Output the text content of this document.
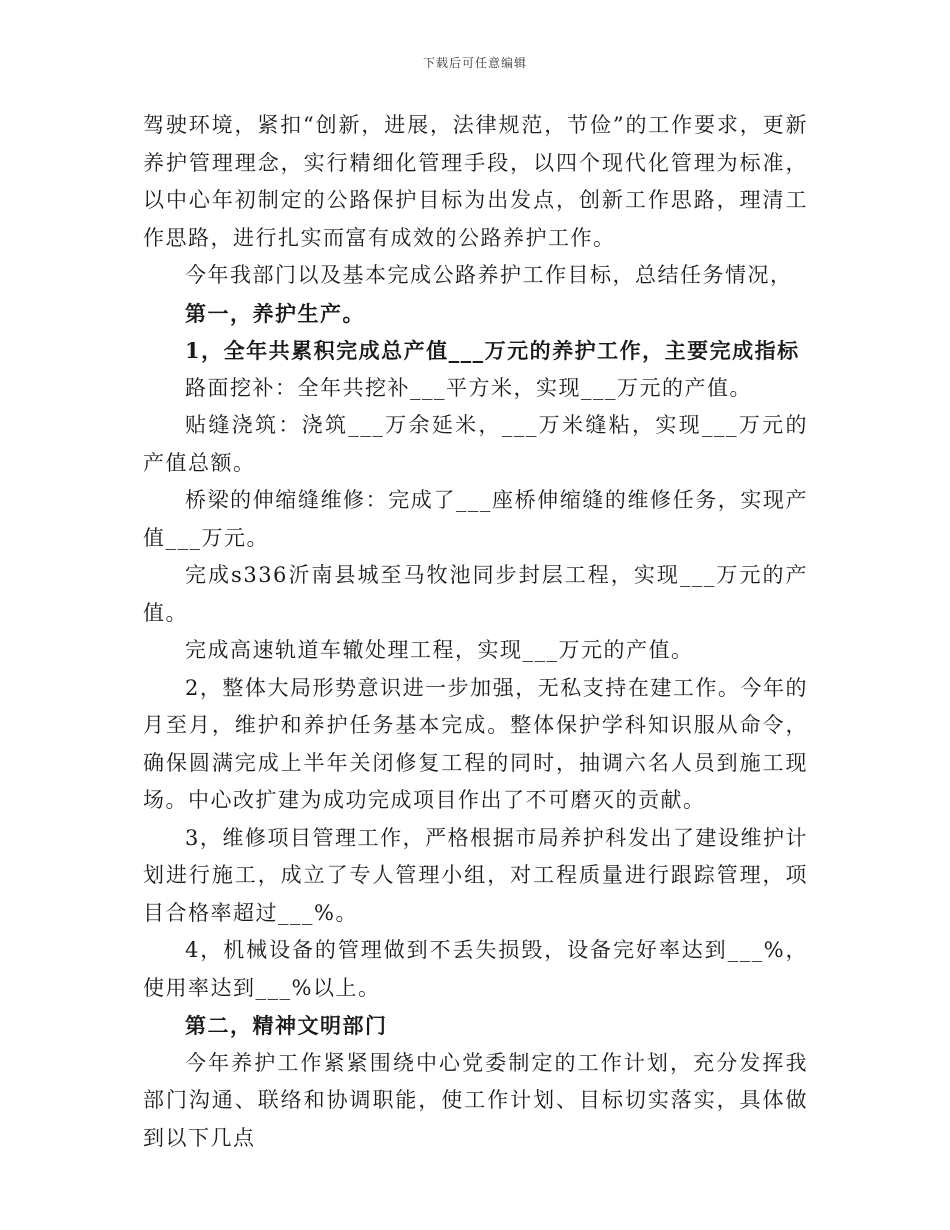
下载后可任意编辑

驾驶环境，紧扣“创新，进展，法律规范，节俭”的工作要求，更新养护管理理念，实行精细化管理手段，以四个现代化管理为标准，以中心年初制定的公路保护目标为出发点，创新工作思路，理清工作思路，进行扎实而富有成效的公路养护工作。

今年我部门以及基本完成公路养护工作目标，总结任务情况，

第一，养护生产。

1，全年共累积完成总产值___万元的养护工作，主要完成指标

路面挖补：全年共挖补___平方米，实现___万元的产值。

贴缝浇筑：浇筑___万余延米，___万米缝粘，实现___万元的产值总额。

桥梁的伸缩缝维修：完成了___座桥伸缩缝的维修任务，实现产值___万元。

完成s336沂南县城至马牧池同步封层工程，实现___万元的产值。

完成高速轨道车辙处理工程，实现___万元的产值。

2，整体大局形势意识进一步加强，无私支持在建工作。今年的月至月，维护和养护任务基本完成。整体保护学科知识服从命令，确保圆满完成上半年关闭修复工程的同时，抽调六名人员到施工现场。中心改扩建为成功完成项目作出了不可磨灭的贡献。

3，维修项目管理工作，严格根据市局养护科发出了建设维护计划进行施工，成立了专人管理小组，对工程质量进行跟踪管理，项目合格率超过___%。

4，机械设备的管理做到不丢失损毁，设备完好率达到___%，使用率达到___%以上。

第二，精神文明部门

今年养护工作紧紧围绕中心党委制定的工作计划，充分发挥我部门沟通、联络和协调职能，使工作计划、目标切实落实，具体做到以下几点
